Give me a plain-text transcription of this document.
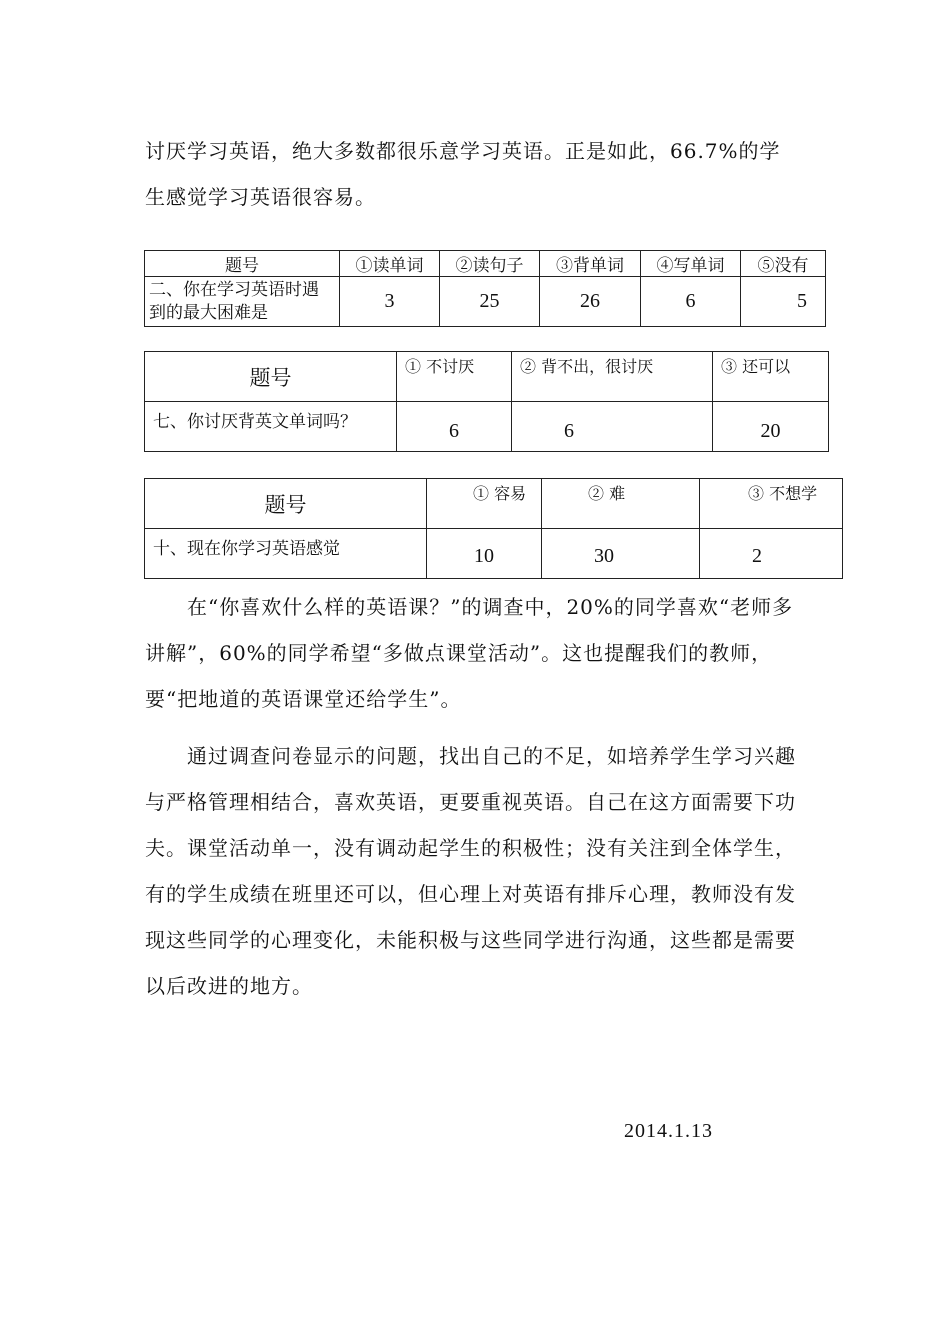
讨厌学习英语，绝大多数都很乐意学习英语。正是如此，66.7%的学
生感觉学习英语很容易。

题号	①读单词	②读句子	③背单词	④写单词	⑤没有
二、你在学习英语时遇到的最大困难是	3	25	26	6	5
题号	① 不讨厌	② 背不出，很讨厌	③ 还可以
七、你讨厌背英文单词吗？	6	6	20
题号	① 容易	② 难	③ 不想学
十、现在你学习英语感觉	10	30	2

在“你喜欢什么样的英语课？”的调查中，20%的同学喜欢“老师多讲解”，60%的同学希望“多做点课堂活动”。这也提醒我们的教师，要“把地道的英语课堂还给学生”。

通过调查问卷显示的问题，找出自己的不足，如培养学生学习兴趣与严格管理相结合，喜欢英语，更要重视英语。自己在这方面需要下功夫。课堂活动单一，没有调动起学生的积极性；没有关注到全体学生，有的学生成绩在班里还可以，但心理上对英语有排斥心理，教师没有发现这些同学的心理变化，未能积极与这些同学进行沟通，这些都是需要以后改进的地方。

2014.1.13
